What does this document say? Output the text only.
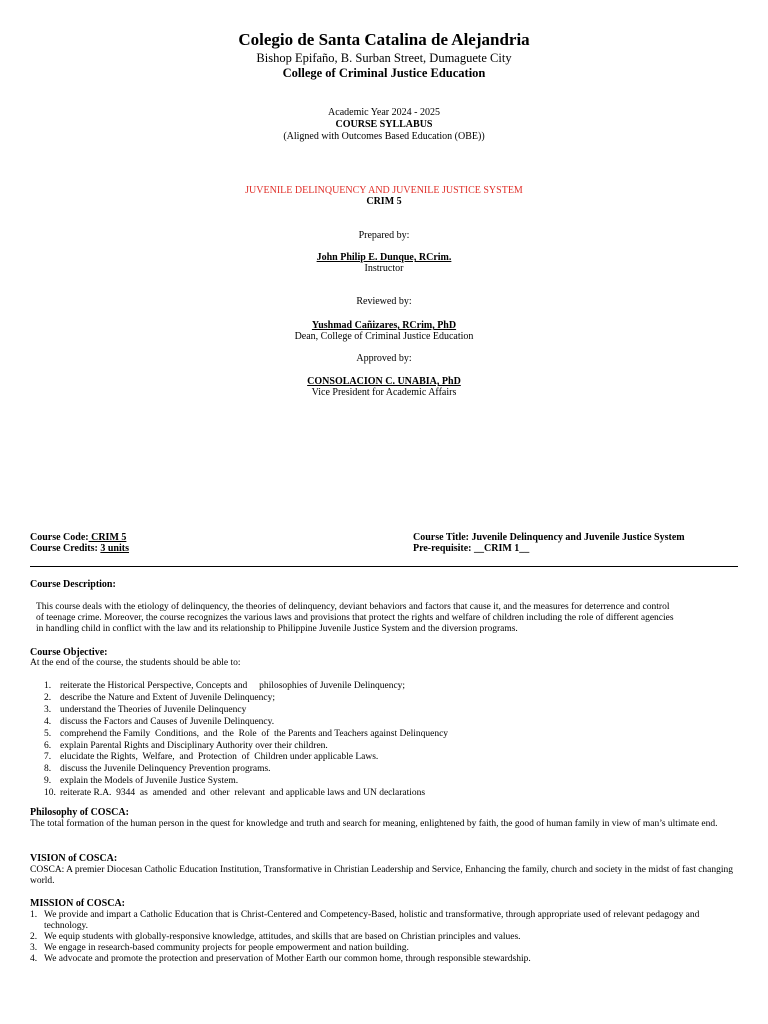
Colegio de Santa Catalina de Alejandria
Bishop Epifaño, B. Surban Street, Dumaguete City
College of Criminal Justice Education
Academic Year 2024 - 2025
COURSE SYLLABUS
(Aligned with Outcomes Based Education (OBE))
JUVENILE DELINQUENCY AND JUVENILE JUSTICE SYSTEM
CRIM 5
Prepared by:
John Philip E. Dunque, RCrim.
Instructor
Reviewed by:
Yushmad Cañizares, RCrim, PhD
Dean, College of Criminal Justice Education
Approved by:
CONSOLACION C. UNABIA, PhD
Vice President for Academic Affairs
Course Code: CRIM 5
Course Credits: 3 units
Course Title: Juvenile Delinquency and Juvenile Justice System
Pre-requisite: __CRIM 1__
Course Description:
This course deals with the etiology of delinquency, the theories of delinquency, deviant behaviors and factors that cause it, and the measures for deterrence and control
of teenage crime. Moreover, the course recognizes the various laws and provisions that protect the rights and welfare of children including the role of different agencies
in handling child in conflict with the law and its relationship to Philippine Juvenile Justice System and the diversion programs.
Course Objective:
At the end of the course, the students should be able to:
1. reiterate the Historical Perspective, Concepts and     philosophies of Juvenile Delinquency;
2. describe the Nature and Extent of Juvenile Delinquency;
3. understand the Theories of Juvenile Delinquency
4. discuss the Factors and Causes of Juvenile Delinquency.
5. comprehend the Family  Conditions,  and  the  Role  of  the Parents and Teachers against Delinquency
6. explain Parental Rights and Disciplinary Authority over their children.
7. elucidate the Rights,  Welfare,  and  Protection  of  Children under applicable Laws.
8. discuss the Juvenile Delinquency Prevention programs.
9. explain the Models of Juvenile Justice System.
10. reiterate R.A.  9344  as  amended  and  other  relevant  and applicable laws and UN declarations
Philosophy of COSCA:
The total formation of the human person in the quest for knowledge and truth and search for meaning, enlightened by faith, the good of human family in view of man’s ultimate end.
VISION of COSCA:
COSCA: A premier Diocesan Catholic Education Institution, Transformative in Christian Leadership and Service, Enhancing the family, church and society in the midst of fast changing world.
MISSION of COSCA:
1. We provide and impart a Catholic Education that is Christ-Centered and Competency-Based, holistic and transformative, through appropriate used of relevant pedagogy and technology.
2. We equip students with globally-responsive knowledge, attitudes, and skills that are based on Christian principles and values.
3. We engage in research-based community projects for people empowerment and nation building.
4. We advocate and promote the protection and preservation of Mother Earth our common home, through responsible stewardship.
